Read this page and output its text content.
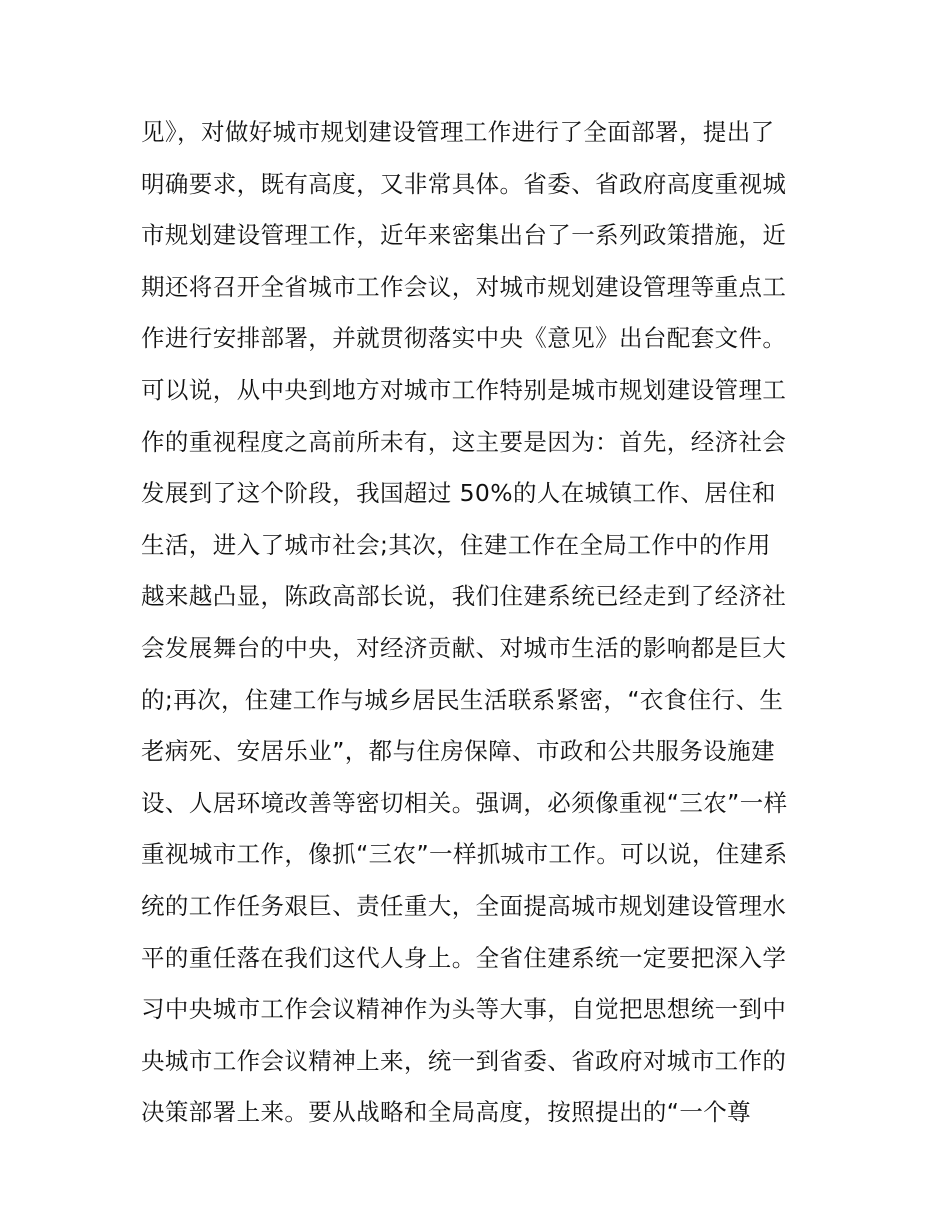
见》，对做好城市规划建设管理工作进行了全面部署，提出了
明确要求，既有高度，又非常具体。省委、省政府高度重视城
市规划建设管理工作，近年来密集出台了一系列政策措施，近
期还将召开全省城市工作会议，对城市规划建设管理等重点工
作进行安排部署，并就贯彻落实中央《意见》出台配套文件。
可以说，从中央到地方对城市工作特别是城市规划建设管理工
作的重视程度之高前所未有，这主要是因为：首先，经济社会
发展到了这个阶段，我国超过 50%的人在城镇工作、居住和
生活，进入了城市社会;其次，住建工作在全局工作中的作用
越来越凸显，陈政高部长说，我们住建系统已经走到了经济社
会发展舞台的中央，对经济贡献、对城市生活的影响都是巨大
的;再次，住建工作与城乡居民生活联系紧密，“衣食住行、生
老病死、安居乐业”，都与住房保障、市政和公共服务设施建
设、人居环境改善等密切相关。强调，必须像重视“三农”一样
重视城市工作，像抓“三农”一样抓城市工作。可以说，住建系
统的工作任务艰巨、责任重大，全面提高城市规划建设管理水
平的重任落在我们这代人身上。全省住建系统一定要把深入学
习中央城市工作会议精神作为头等大事，自觉把思想统一到中
央城市工作会议精神上来，统一到省委、省政府对城市工作的
决策部署上来。要从战略和全局高度，按照提出的“一个尊
